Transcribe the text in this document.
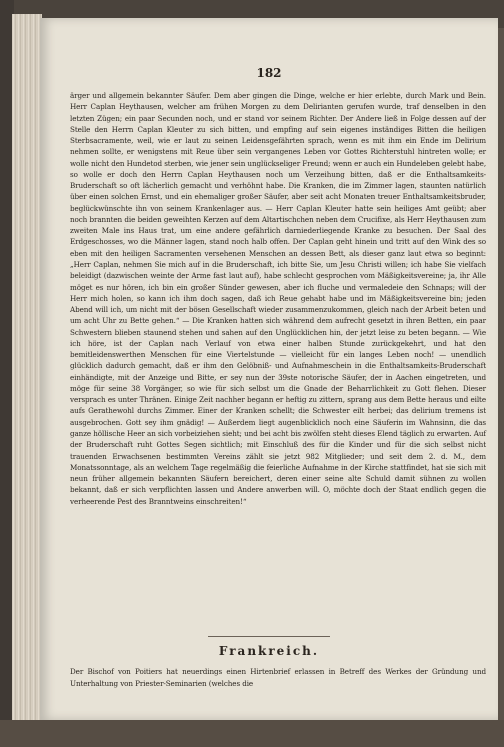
182
ärger und allgemein bekannter Säufer. Dem aber gingen die Dinge, welche er hier erlebte, durch Mark und Bein. Herr Caplan Heythausen, welcher am frühen Morgen zu dem Delirianten gerufen wurde, traf denselben in den letzten Zügen; ein paar Secunden noch, und er stand vor seinem Richter. Der Andere ließ in Folge dessen auf der Stelle den Herrn Caplan Kleuter zu sich bitten, und empfing auf sein eigenes inständiges Bitten die heiligen Sterbsacramente, weil, wie er laut zu seinen Leidensgefährten sprach, wenn es mit ihm ein Ende im Delirium nehmen sollte, er wenigstens mit Reue über sein vergangenes Leben vor Gottes Richterstuhl hintreten wolle; er wolle nicht den Hundetod sterben, wie jener sein unglückseliger Freund; wenn er auch ein Hundeleben gelebt habe, so wolle er doch den Herrn Caplan Heythausen noch um Verzeihung bitten, daß er die Enthaltsamkeits-Bruderschaft so oft lächerlich gemacht und verhöhnt habe. Die Kranken, die im Zimmer lagen, staunten natürlich über einen solchen Ernst, und ein ehemaliger großer Säufer, aber seit acht Monaten treuer Enthaltsamkeitsbruder, beglückwünschte ihn von seinem Krankenlager aus. — Herr Caplan Kleuter hatte sein heiliges Amt geübt; aber noch brannten die beiden geweihten Kerzen auf dem Altartischchen neben dem Crucifixe, als Herr Heythausen zum zweiten Male ins Haus trat, um eine andere gefährlich darniederliegende Kranke zu besuchen. Der Saal des Erdgeschosses, wo die Männer lagen, stand noch halb offen. Der Caplan geht hinein und tritt auf den Wink des so eben mit den heiligen Sacramenten versehenen Menschen an dessen Bett, als dieser ganz laut etwa so beginnt: „Herr Caplan, nehmen Sie mich auf in die Bruderschaft, ich bitte Sie, um Jesu Christi willen; ich habe Sie vielfach beleidigt (dazwischen weinte der Arme fast laut auf), habe schlecht gesprochen vom Mäßigkeitsvereine; ja, ihr Alle möget es nur hören, ich bin ein großer Sünder gewesen, aber ich fluche und vermaledeie den Schnaps; will der Herr mich holen, so kann ich ihm doch sagen, daß ich Reue gehabt habe und im Mäßigkeitsvereine bin; jeden Abend will ich, um nicht mit der bösen Gesellschaft wieder zusammenzukommen, gleich nach der Arbeit beten und um acht Uhr zu Bette gehen.“ — Die Kranken hatten sich während dem aufrecht gesetzt in ihren Betten, ein paar Schwestern blieben staunend stehen und sahen auf den Unglücklichen hin, der jetzt leise zu beten begann. — Wie ich höre, ist der Caplan nach Verlauf von etwa einer halben Stunde zurückgekehrt, und hat den bemitleidenswerthen Menschen für eine Viertelstunde — vielleicht für ein langes Leben noch! — unendlich glücklich dadurch gemacht, daß er ihm den Gelöbniß- und Aufnahmeschein in die Enthaltsamkeits-Bruderschaft einhändigte, mit der Anzeige und Bitte, er sey nun der 39ste notorische Säufer, der in Aachen eingetreten, und möge für seine 38 Vorgänger, so wie für sich selbst um die Gnade der Beharrlichkeit zu Gott flehen. Dieser versprach es unter Thränen. Einige Zeit nachher begann er heftig zu zittern, sprang aus dem Bette heraus und eilte aufs Gerathewohl durchs Zimmer. Einer der Kranken schellt; die Schwester eilt herbei; das delirium tremens ist ausgebrochen. Gott sey ihm gnädig! — Außerdem liegt augenblicklich noch eine Säuferin im Wahnsinn, die das ganze höllische Heer an sich vorbeiziehen sieht; und bei acht bis zwölfen steht dieses Elend täglich zu erwarten. Auf der Bruderschaft ruht Gottes Segen sichtlich; mit Einschluß des für die Kinder und für die sich selbst nicht trauenden Erwachsenen bestimmten Vereins zählt sie jetzt 982 Mitglieder; und seit dem 2. d. M., dem Monatssonntage, als an welchem Tage regelmäßig die feierliche Aufnahme in der Kirche stattfindet, hat sie sich mit neun früher allgemein bekannten Säufern bereichert, deren einer seine alte Schuld damit sühnen zu wollen bekannt, daß er sich verpflichten lassen und Andere anwerben will. O, möchte doch der Staat endlich gegen die verheerende Pest des Branntweins einschreiten!“
Frankreich.
Der Bischof von Poitiers hat neuerdings einen Hirtenbrief erlassen in Betreff des Werkes der Gründung und Unterhaltung von Priester-Seminarien (welches die
